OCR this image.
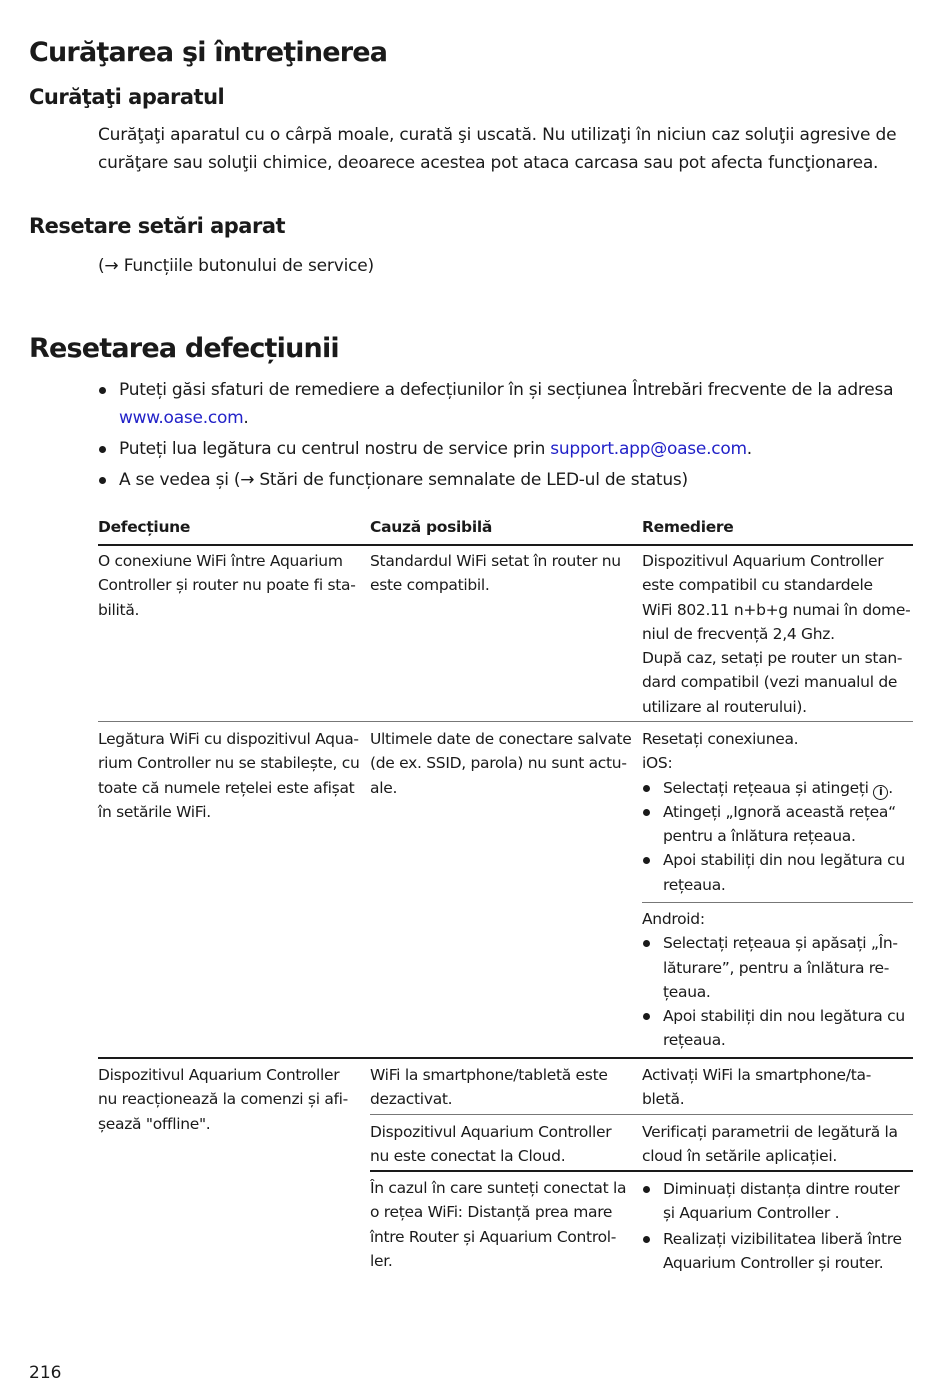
Curăţarea şi întreţinerea
Curăţaţi aparatul
Curăţaţi aparatul cu o cârpă moale, curată şi uscată. Nu utilizaţi în niciun caz soluţii agresive de curăţare sau soluţii chimice, deoarece acestea pot ataca carcasa sau pot afecta funcţionarea.
Resetare setări aparat
(→ Funcțiile butonului de service)
Resetarea defecțiunii
Puteți găsi sfaturi de remediere a defecțiunilor în și secțiunea Întrebări frecvente de la adresa www.oase.com.
Puteți lua legătura cu centrul nostru de service prin support.app@oase.com.
A se vedea și (→ Stări de funcționare semnalate de LED-ul de status)
Defecțiune	Cauză posibilă	Remediere
O conexiune WiFi între Aquarium
Controller și router nu poate fi sta-
bilită.
Standardul WiFi setat în router nu
este compatibil.
Dispozitivul Aquarium Controller
este compatibil cu standardele
WiFi 802.11 n+b+g numai în dome-
niul de frecvență 2,4 Ghz.
După caz, setați pe router un stan-
dard compatibil (vezi manualul de
utilizare al routerului).
Legătura WiFi cu dispozitivul Aqua-
rium Controller nu se stabilește, cu
toate că numele rețelei este afișat
în setările WiFi.
Ultimele date de conectare salvate
(de ex. SSID, parola) nu sunt actu-
ale.
Resetați conexiunea.
iOS:
Selectați rețeaua și atingeți i .
Atingeți „Ignoră această rețea“
pentru a înlătura rețeaua.
Apoi stabiliți din nou legătura cu
rețeaua.
Android:
Selectați rețeaua și apăsați „În-
lăturare”, pentru a înlătura re-
țeaua.
Apoi stabiliți din nou legătura cu
rețeaua.
Dispozitivul Aquarium Controller
nu reacționează la comenzi și afi-
șează "offline".
WiFi la smartphone/tabletă este
dezactivat.
Activați WiFi la smartphone/ta-
bletă.
Dispozitivul Aquarium Controller
nu este conectat la Cloud.
Verificați parametrii de legătură la
cloud în setările aplicației.
În cazul în care sunteți conectat la
o rețea WiFi: Distanță prea mare
între Router și Aquarium Control-
ler.
Diminuați distanța dintre router
și Aquarium Controller .
Realizați vizibilitatea liberă între
Aquarium Controller și router.
216
